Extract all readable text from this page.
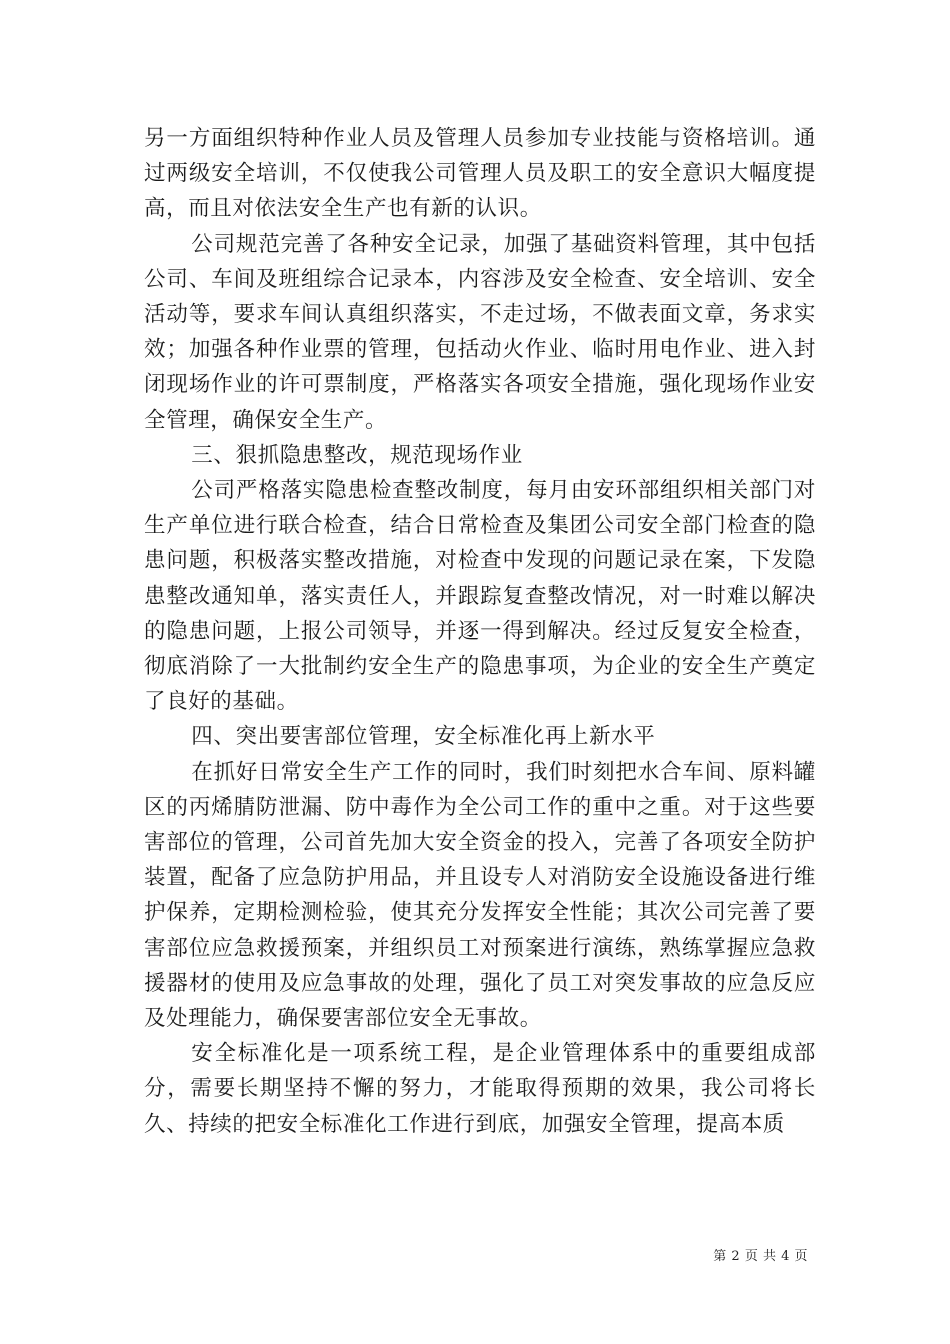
另一方面组织特种作业人员及管理人员参加专业技能与资格培训。通过两级安全培训，不仅使我公司管理人员及职工的安全意识大幅度提高，而且对依法安全生产也有新的认识。

公司规范完善了各种安全记录，加强了基础资料管理，其中包括公司、车间及班组综合记录本，内容涉及安全检查、安全培训、安全活动等，要求车间认真组织落实，不走过场，不做表面文章，务求实效；加强各种作业票的管理，包括动火作业、临时用电作业、进入封闭现场作业的许可票制度，严格落实各项安全措施，强化现场作业安全管理，确保安全生产。

三、狠抓隐患整改，规范现场作业

公司严格落实隐患检查整改制度，每月由安环部组织相关部门对生产单位进行联合检查，结合日常检查及集团公司安全部门检查的隐患问题，积极落实整改措施，对检查中发现的问题记录在案，下发隐患整改通知单，落实责任人，并跟踪复查整改情况，对一时难以解决的隐患问题，上报公司领导，并逐一得到解决。经过反复安全检查，彻底消除了一大批制约安全生产的隐患事项，为企业的安全生产奠定了良好的基础。

四、突出要害部位管理，安全标准化再上新水平

在抓好日常安全生产工作的同时，我们时刻把水合车间、原料罐区的丙烯腈防泄漏、防中毒作为全公司工作的重中之重。对于这些要害部位的管理，公司首先加大安全资金的投入，完善了各项安全防护装置，配备了应急防护用品，并且设专人对消防安全设施设备进行维护保养，定期检测检验，使其充分发挥安全性能；其次公司完善了要害部位应急救援预案，并组织员工对预案进行演练，熟练掌握应急救援器材的使用及应急事故的处理，强化了员工对突发事故的应急反应及处理能力，确保要害部位安全无事故。

安全标准化是一项系统工程，是企业管理体系中的重要组成部分，需要长期坚持不懈的努力，才能取得预期的效果，我公司将长久、持续的把安全标准化工作进行到底，加强安全管理，提高本质

第 2 页 共 4 页
